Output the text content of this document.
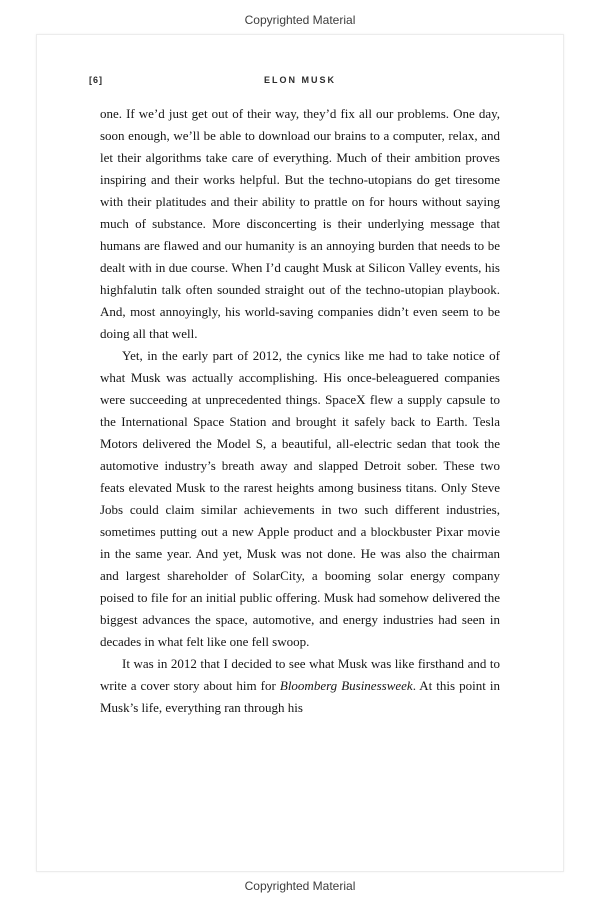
Copyrighted Material
[6]	ELON MUSK

one. If we’d just get out of their way, they’d fix all our problems. One day, soon enough, we’ll be able to download our brains to a computer, relax, and let their algorithms take care of everything. Much of their ambition proves inspiring and their works helpful. But the techno-utopians do get tiresome with their platitudes and their ability to prattle on for hours without saying much of substance. More disconcerting is their underlying message that humans are flawed and our humanity is an annoying burden that needs to be dealt with in due course. When I’d caught Musk at Silicon Valley events, his highfalutin talk often sounded straight out of the techno-utopian playbook. And, most annoyingly, his world-saving companies didn’t even seem to be doing all that well.

Yet, in the early part of 2012, the cynics like me had to take notice of what Musk was actually accomplishing. His once-beleaguered companies were succeeding at unprecedented things. SpaceX flew a supply capsule to the International Space Station and brought it safely back to Earth. Tesla Motors delivered the Model S, a beautiful, all-electric sedan that took the automotive industry’s breath away and slapped Detroit sober. These two feats elevated Musk to the rarest heights among business titans. Only Steve Jobs could claim similar achievements in two such different industries, sometimes putting out a new Apple product and a blockbuster Pixar movie in the same year. And yet, Musk was not done. He was also the chairman and largest shareholder of SolarCity, a booming solar energy company poised to file for an initial public offering. Musk had somehow delivered the biggest advances the space, automotive, and energy industries had seen in decades in what felt like one fell swoop.

It was in 2012 that I decided to see what Musk was like firsthand and to write a cover story about him for Bloomberg Businessweek. At this point in Musk’s life, everything ran through his

Copyrighted Material
